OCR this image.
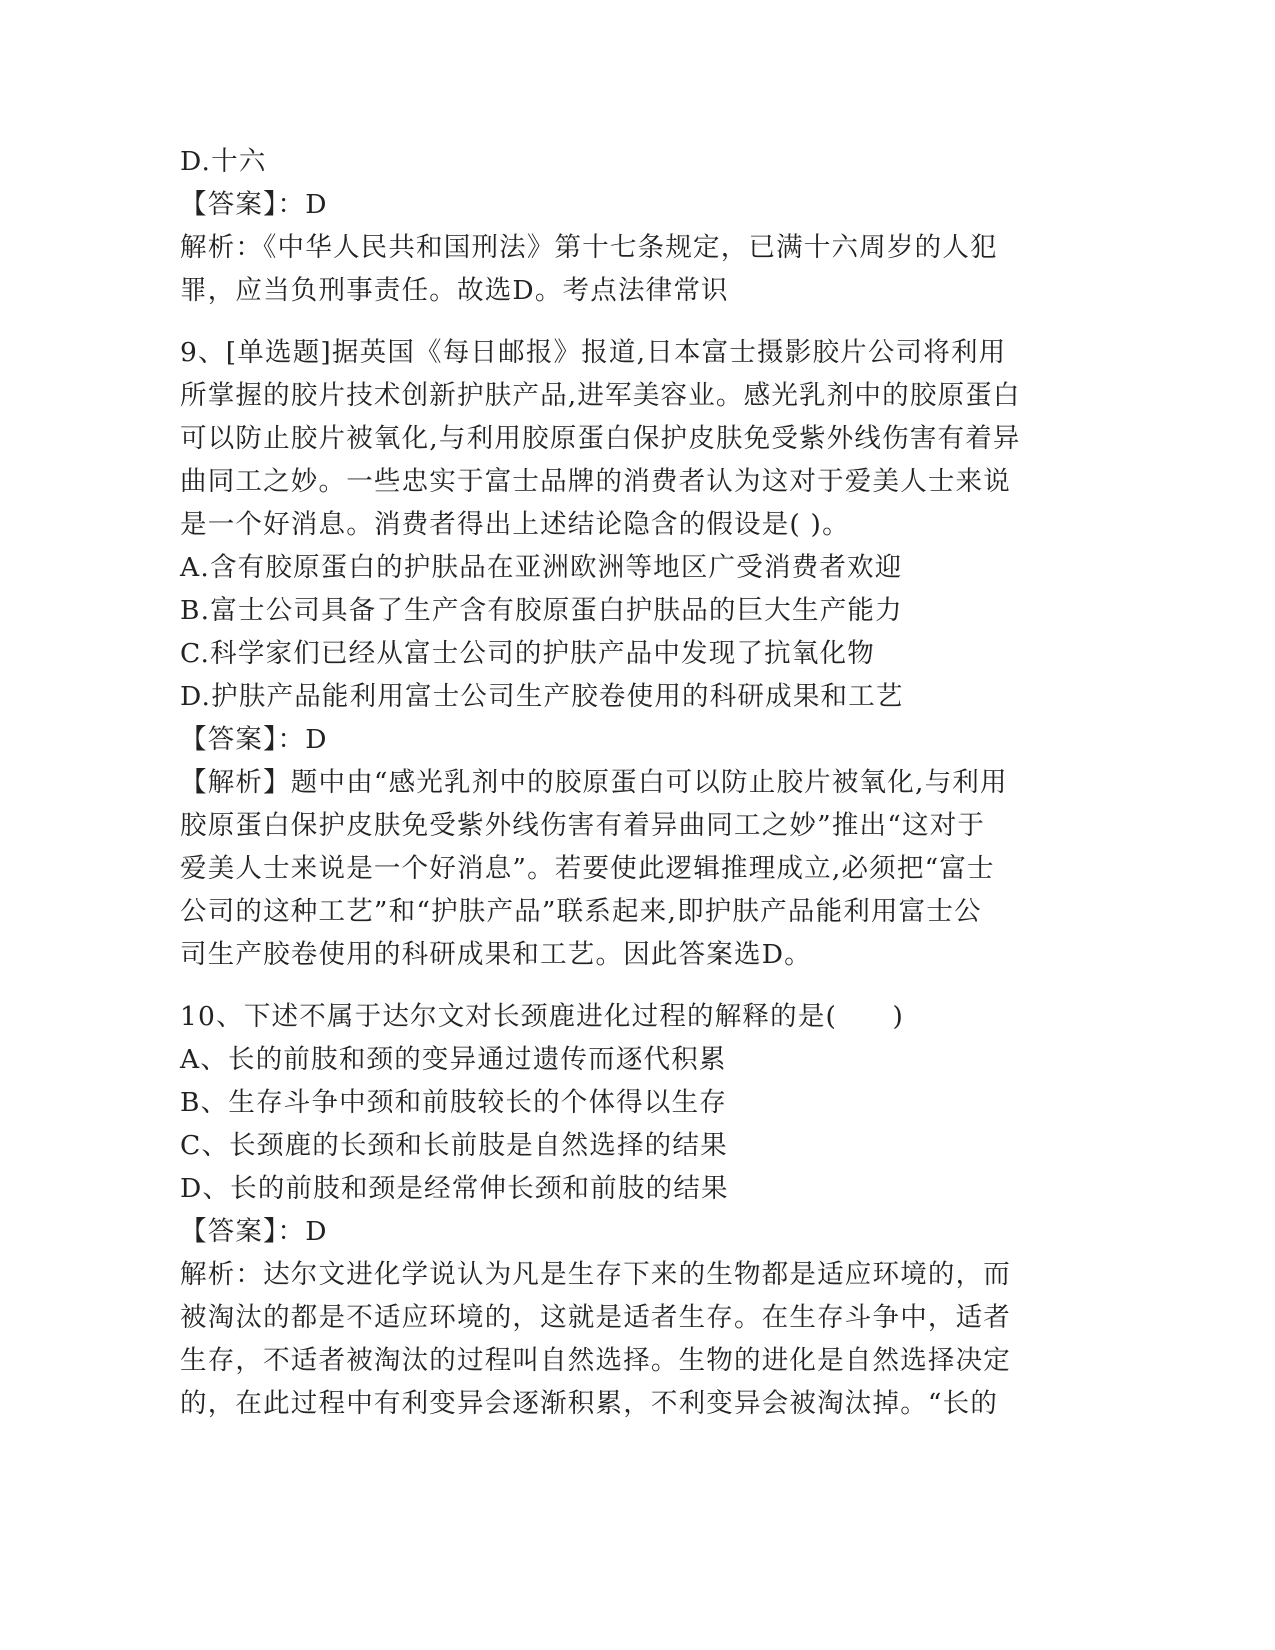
D.十六
【答案】：D
解析：《中华人民共和国刑法》第十七条规定，已满十六周岁的人犯
罪，应当负刑事责任。故选D。考点法律常识
9、[单选题]据英国《每日邮报》报道,日本富士摄影胶片公司将利用
所掌握的胶片技术创新护肤产品,进军美容业。感光乳剂中的胶原蛋白
可以防止胶片被氧化,与利用胶原蛋白保护皮肤免受紫外线伤害有着异
曲同工之妙。一些忠实于富士品牌的消费者认为这对于爱美人士来说
是一个好消息。消费者得出上述结论隐含的假设是( )。
A.含有胶原蛋白的护肤品在亚洲欧洲等地区广受消费者欢迎
B.富士公司具备了生产含有胶原蛋白护肤品的巨大生产能力
C.科学家们已经从富士公司的护肤产品中发现了抗氧化物
D.护肤产品能利用富士公司生产胶卷使用的科研成果和工艺
【答案】：D
【解析】题中由“感光乳剂中的胶原蛋白可以防止胶片被氧化,与利用
胶原蛋白保护皮肤免受紫外线伤害有着异曲同工之妙”推出“这对于
爱美人士来说是一个好消息”。若要使此逻辑推理成立,必须把“富士
公司的这种工艺”和“护肤产品”联系起来,即护肤产品能利用富士公
司生产胶卷使用的科研成果和工艺。因此答案选D。
10、下述不属于达尔文对长颈鹿进化过程的解释的是(　　)
A、长的前肢和颈的变异通过遗传而逐代积累
B、生存斗争中颈和前肢较长的个体得以生存
C、长颈鹿的长颈和长前肢是自然选择的结果
D、长的前肢和颈是经常伸长颈和前肢的结果
【答案】：D
解析：达尔文进化学说认为凡是生存下来的生物都是适应环境的，而
被淘汰的都是不适应环境的，这就是适者生存。在生存斗争中，适者
生存，不适者被淘汰的过程叫自然选择。生物的进化是自然选择决定
的，在此过程中有利变异会逐渐积累，不利变异会被淘汰掉。“长的
